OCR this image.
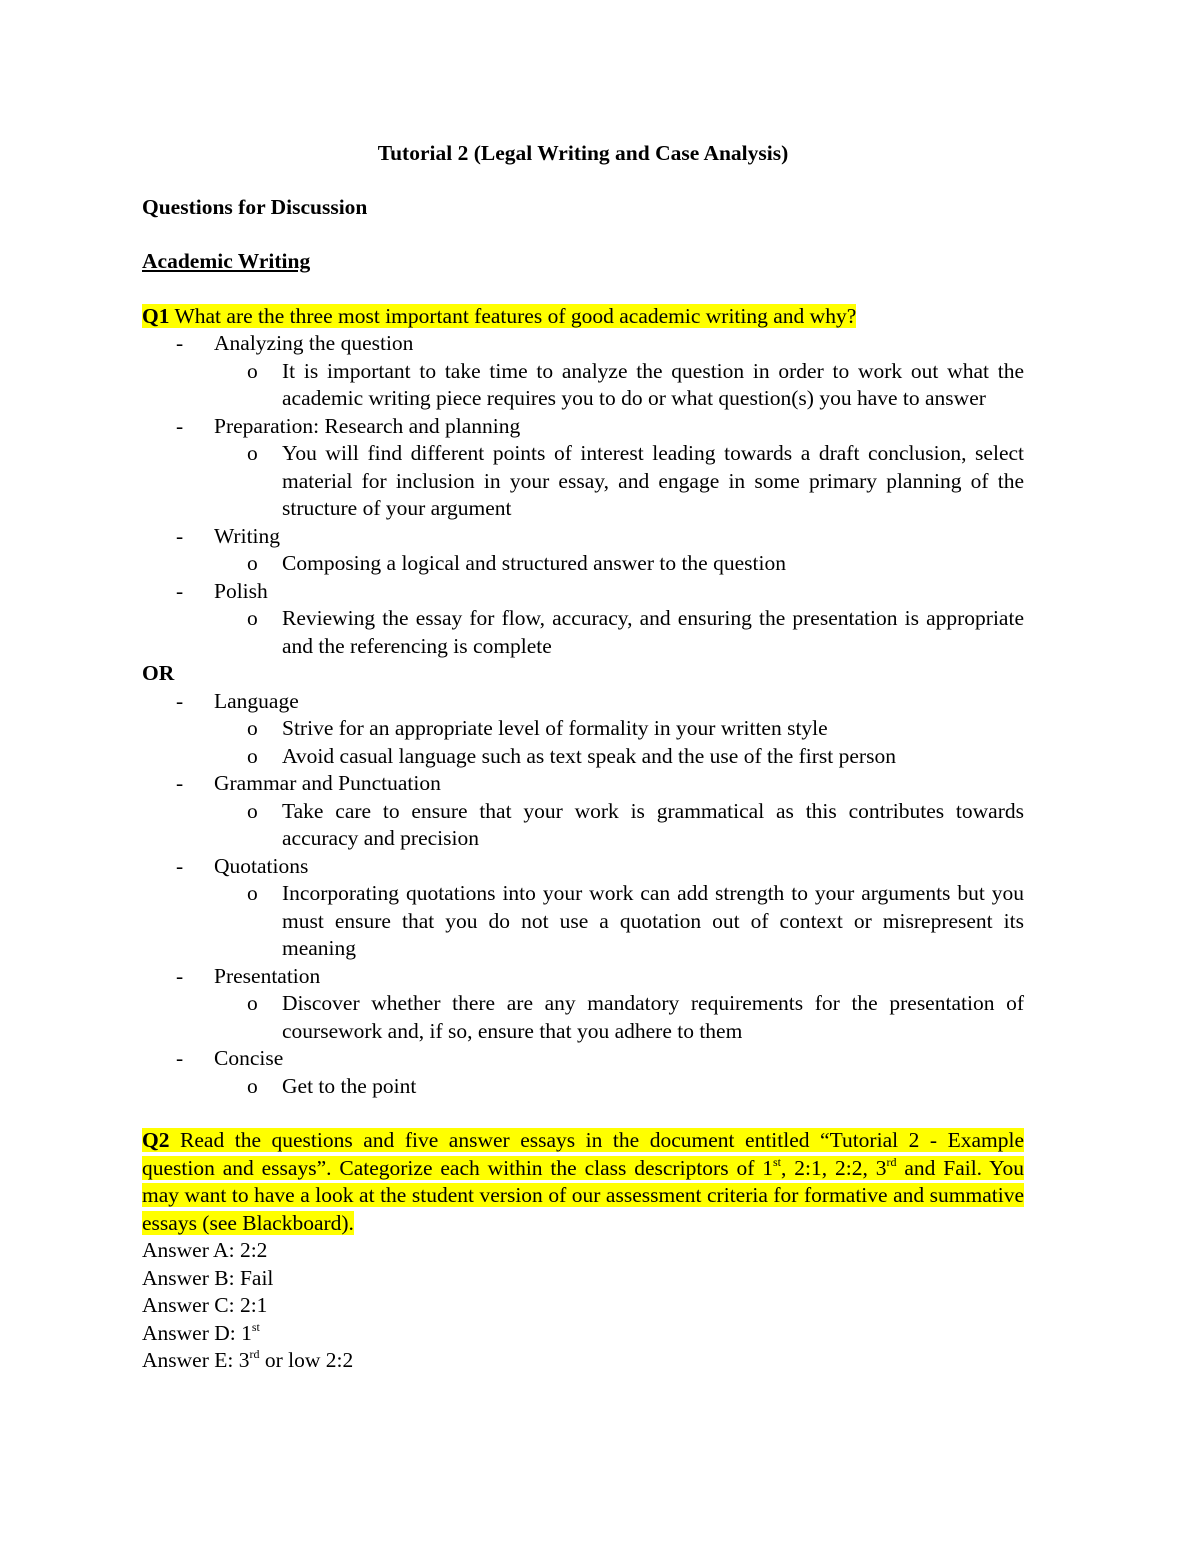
Tutorial 2 (Legal Writing and Case Analysis)
Questions for Discussion
Academic Writing
Q1 What are the three most important features of good academic writing and why?
- Analyzing the question
o It is important to take time to analyze the question in order to work out what the academic writing piece requires you to do or what question(s) you have to answer
- Preparation: Research and planning
o You will find different points of interest leading towards a draft conclusion, select material for inclusion in your essay, and engage in some primary planning of the structure of your argument
- Writing
o Composing a logical and structured answer to the question
- Polish
o Reviewing the essay for flow, accuracy, and ensuring the presentation is appropriate and the referencing is complete
OR
- Language
o Strive for an appropriate level of formality in your written style
o Avoid casual language such as text speak and the use of the first person
- Grammar and Punctuation
o Take care to ensure that your work is grammatical as this contributes towards accuracy and precision
- Quotations
o Incorporating quotations into your work can add strength to your arguments but you must ensure that you do not use a quotation out of context or misrepresent its meaning
- Presentation
o Discover whether there are any mandatory requirements for the presentation of coursework and, if so, ensure that you adhere to them
- Concise
o Get to the point
Q2 Read the questions and five answer essays in the document entitled “Tutorial 2 - Example question and essays”. Categorize each within the class descriptors of 1st, 2:1, 2:2, 3rd and Fail. You may want to have a look at the student version of our assessment criteria for formative and summative essays (see Blackboard).
Answer A: 2:2
Answer B: Fail
Answer C: 2:1
Answer D: 1st
Answer E: 3rd or low 2:2
